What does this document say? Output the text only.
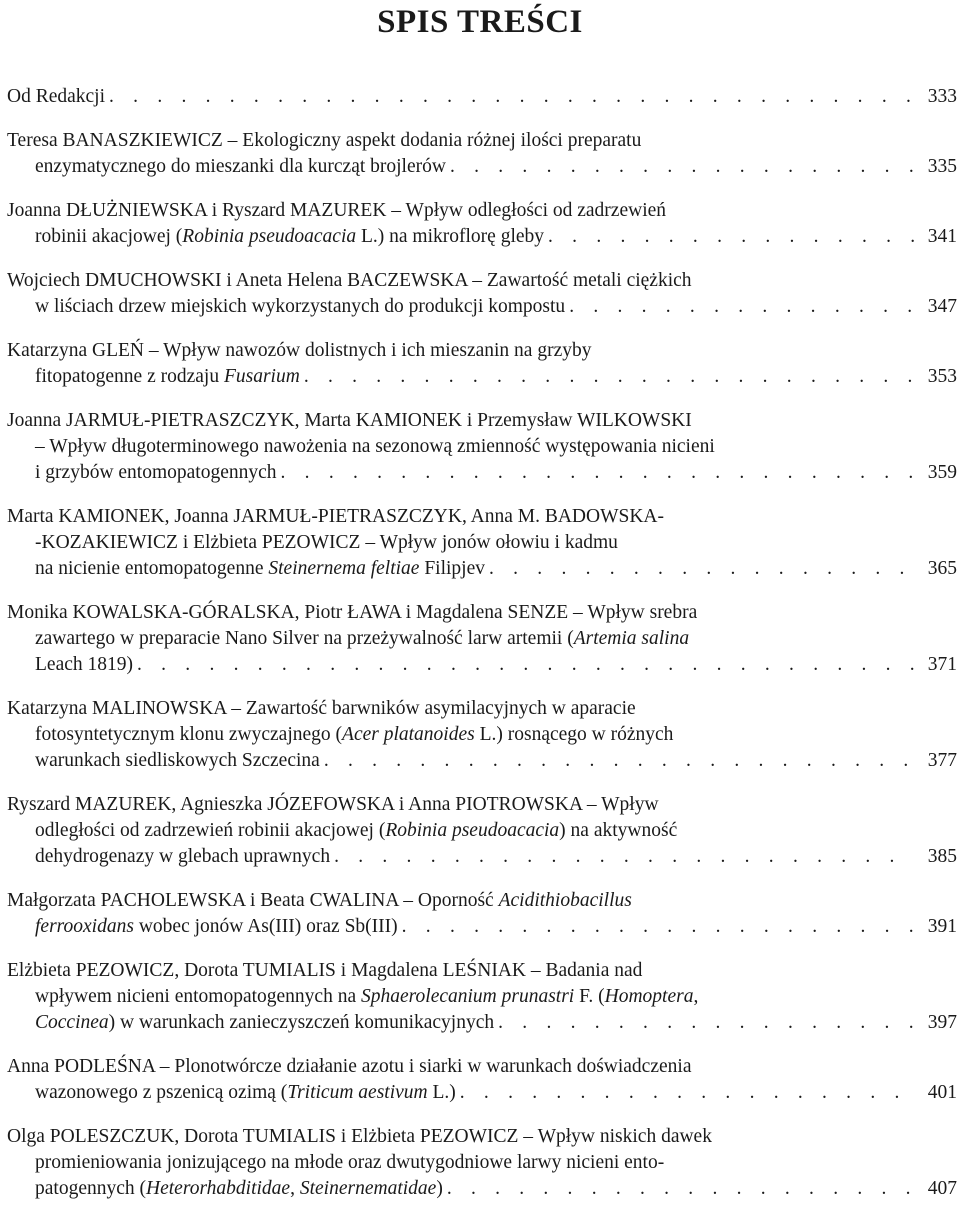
SPIS TREŚCI
Od Redakcji . . .	333
Teresa BANASZKIEWICZ – Ekologiczny aspekt dodania różnej ilości preparatu
enzymatycznego do mieszanki dla kurcząt brojlerów . . .	335
Joanna DŁUŻNIEWSKA i Ryszard MAZUREK – Wpływ odległości od zadrzewień
robinii akacjowej (Robinia pseudoacacia L.) na mikroflorę gleby . . .	341
Wojciech DMUCHOWSKI i Aneta Helena BACZEWSKA – Zawartość metali ciężkich
w liściach drzew miejskich wykorzystanych do produkcji kompostu . . .	347
Katarzyna GLEŃ – Wpływ nawozów dolistnych i ich mieszanin na grzyby
fitopatogenne z rodzaju Fusarium . . .	353
Joanna JARMUŁ-PIETRASZCZYK, Marta KAMIONEK i Przemysław WILKOWSKI
– Wpływ długoterminowego nawożenia na sezonową zmienność występowania nicieni
i grzybów entomopatogennych . . .	359
Marta KAMIONEK, Joanna JARMUŁ-PIETRASZCZYK, Anna M. BADOWSKA-
-KOZAKIEWICZ i Elżbieta PEZOWICZ – Wpływ jonów ołowiu i kadmu
na nicienie entomopatogenne Steinernema feltiae Filipjev . . .	365
Monika KOWALSKA-GÓRALSKA, Piotr ŁAWA i Magdalena SENZE – Wpływ srebra
zawartego w preparacie Nano Silver na przeżywalność larw artemii (Artemia salina
Leach 1819) . . .	371
Katarzyna MALINOWSKA – Zawartość barwników asymilacyjnych w aparacie
fotosyntetycznym klonu zwyczajnego (Acer platanoides L.) rosnącego w różnych
warunkach siedliskowych Szczecina . . .	377
Ryszard MAZUREK, Agnieszka JÓZEFOWSKA i Anna PIOTROWSKA – Wpływ
odległości od zadrzewień robinii akacjowej (Robinia pseudoacacia) na aktywność
dehydrogenazy w glebach uprawnych . . .	385
Małgorzata PACHOLEWSKA i Beata CWALINA – Oporność Acidithiobacillus
ferrooxidans wobec jonów As(III) oraz Sb(III) . . .	391
Elżbieta PEZOWICZ, Dorota TUMIALIS i Magdalena LEŚNIAK – Badania nad
wpływem nicieni entomopatogennych na Sphaerolecanium prunastri F. (Homoptera,
Coccinea) w warunkach zanieczyszczeń komunikacyjnych . . .	397
Anna PODLEŚNA – Plonotwórcze działanie azotu i siarki w warunkach doświadczenia
wazonowego z pszenicą ozimą (Triticum aestivum L.) . . .	401
Olga POLESZCZUK, Dorota TUMIALIS i Elżbieta PEZOWICZ – Wpływ niskich dawek
promieniowania jonizującego na młode oraz dwutygodniowe larwy nicieni ento-
patogennych (Heterorhabditidae, Steinernematidae) . . .	407
